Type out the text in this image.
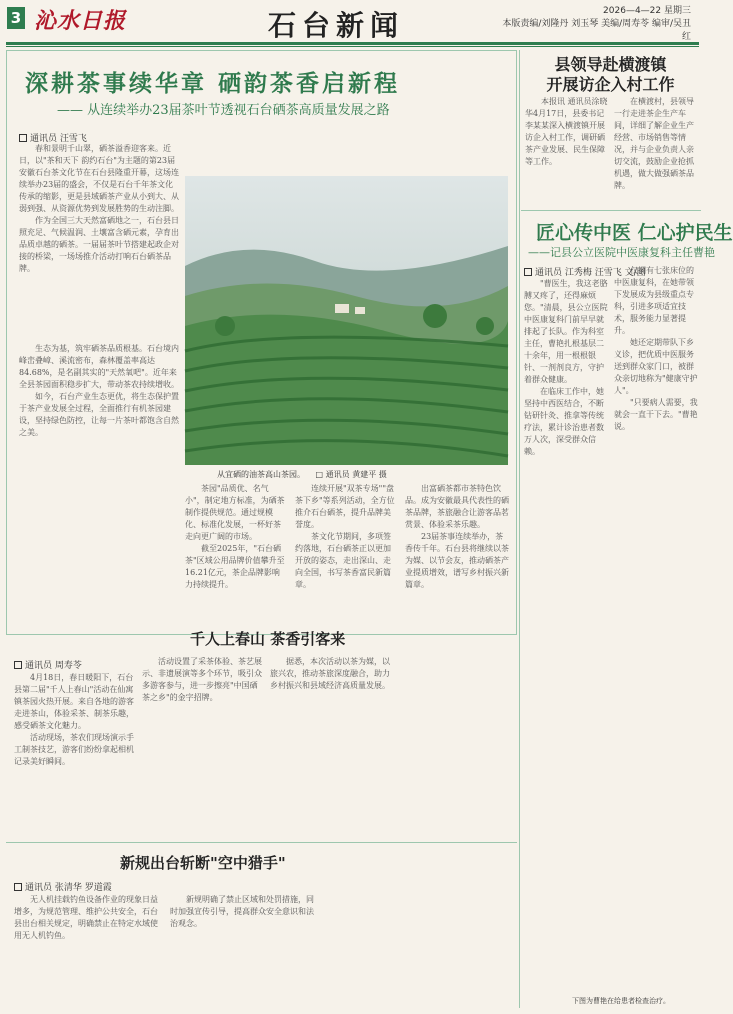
3 沁水日报	石台新闻	2026—4—22 星期三
本版责编/刘隆丹 刘玉琴 美编/周寿苓 编审/吴丑红
深耕茶事续华章 硒韵茶香启新程
—— 从连续举办23届茶叶节透视石台硒茶高质量发展之路
通讯员 汪雪飞

春和景明千山翠，硒茶溢香迎客来。近日，以"茶和天下 韵约石台"为主题的第23届安徽石台茶文化节在石台县隆重开幕，这场连续举办23届的盛会，不仅是石台千年茶文化传承的缩影，更是县域硒茶产业从小到大、从弱到强、从资源优势到发展胜势的生动注脚。

作为全国三大天然富硒地之一，石台县日照充足、气候温润、土壤富含硒元素，孕育出品质卓越的硒茶。一届届茶叶节搭建起政企对接的桥梁，一场场推介活动打响石台硒茶品牌。

生态为基，筑牢硒茶品质根基。石台境内峰峦叠嶂、溪流密布，森林覆盖率高达84.68%，是名副其实的"天然氧吧"。近年来全县茶园面积稳步扩大，带动茶农持续增收。

如今，石台产业生态更优，将生态保护置于茶产业发展全过程，全面推行有机茶园建设，坚持绿色防控，让每一片茶叶都饱含自然之美。

从宜硒的油茶高山茶园。 □ 通讯员 黄建平 摄

茶园"品质优、名气小"，制定地方标准，为硒茶制作提供规范。通过规模化、标准化发展，一杯好茶走向更广阔的市场。

截至2025年，"石台硒茶"区域公用品牌价值攀升至16.21亿元，茶企品牌影响力持续提升。

连续开展"双茶专场""盘茶下乡"等系列活动，全方位推介石台硒茶，提升品牌美誉度。

茶文化节期间，多项签约落地，石台硒茶正以更加开放的姿态，走出深山、走向全国，书写茶香富民新篇章。

出富硒茶都市茶特色饮品。成为安徽最具代表性的硒茶品牌，茶旅融合让游客品茗赏景、体验采茶乐趣。

23届茶事连续举办，茶香传千年。石台县将继续以茶为媒、以节会友，推动硒茶产业提质增效，谱写乡村振兴新篇章。

县领导赴横渡镇
开展访企入村工作

本报讯 通讯员涂晓华4月17日，县委书记李某某深入横渡镇开展访企入村工作，调研硒茶产业发展、民生保障等工作。

在横渡村，县领导一行走进茶企生产车间，详细了解企业生产经营、市场销售等情况，并与企业负责人亲切交流，鼓励企业抢抓机遇，做大做强硒茶品牌。

匠心传中医 仁心护民生
——记县公立医院中医康复科主任曹艳
通讯员 江秀梅 汪雪飞 文/图

"曹医生，我这老胳膊又疼了，还得麻烦您。"清晨，县公立医院中医康复科门前早早就排起了长队。作为科室主任，曹艳扎根基层二十余年，用一根根银针、一剂剂良方，守护着群众健康。

在临床工作中，她坚持中西医结合，不断钻研针灸、推拿等传统疗法，累计诊治患者数万人次，深受群众信赖。

仅拥有七张床位的中医康复科，在她带领下发展成为县级重点专科，引进多项适宜技术，服务能力显著提升。

她还定期带队下乡义诊，把优质中医服务送到群众家门口，被群众亲切地称为"健康守护人"。

"只要病人需要，我就会一直干下去。"曹艳说。

千人上春山 茶香引客来
通讯员 周寿苓

4月18日，春日暖阳下，石台县第二届"千人上春山"活动在仙寓镇茶园火热开展。来自各地的游客走进茶山，体验采茶、制茶乐趣，感受硒茶文化魅力。

活动现场，茶农们现场演示手工制茶技艺，游客们纷纷拿起相机记录美好瞬间。

活动设置了采茶体验、茶艺展示、非遗展演等多个环节，吸引众多游客参与，进一步擦亮"中国硒茶之乡"的金字招牌。

据悉，本次活动以茶为媒，以旅兴农，推动茶旅深度融合，助力乡村振兴和县域经济高质量发展。

新规出台斩断"空中猎手"
通讯员 张清华 罗道霞

无人机挂载钓鱼设备作业的现象日益增多，为规范管理、维护公共安全，石台县出台相关规定，明确禁止在特定水域使用无人机钓鱼。

新规明确了禁止区域和处罚措施，同时加强宣传引导，提高群众安全意识和法治观念。

下图为曹艳在给患者检查治疗。
